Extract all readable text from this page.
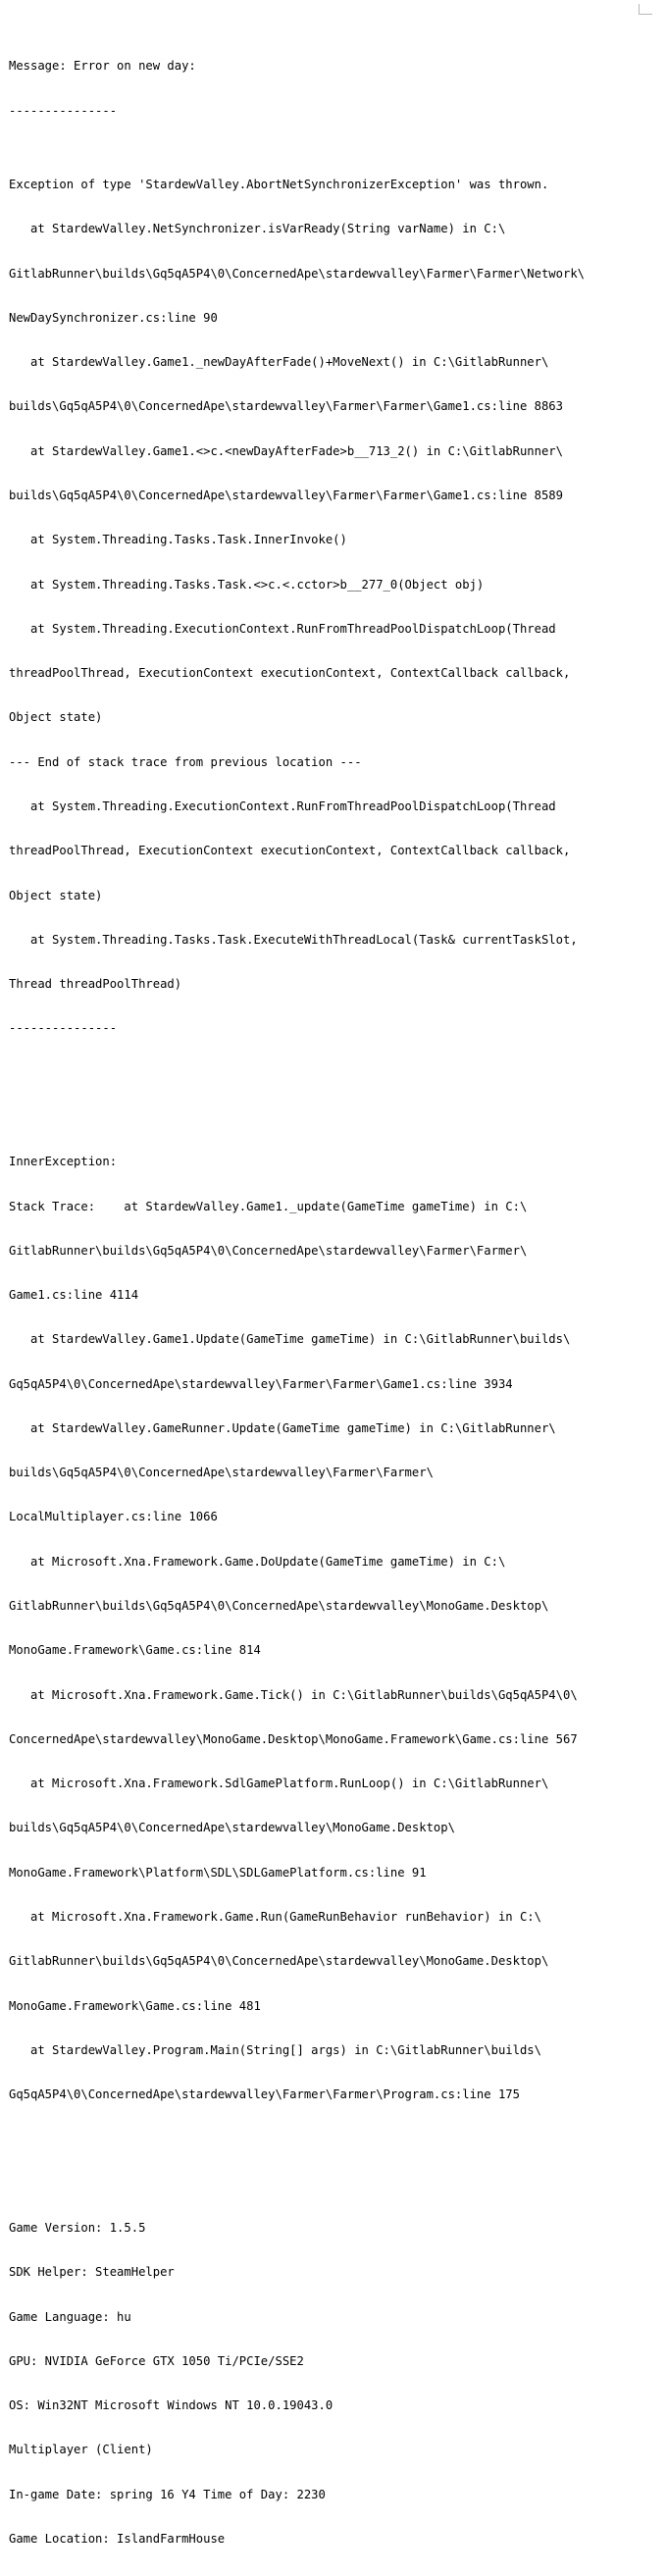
Message: Error on new day:

---------------

Exception of type 'StardewValley.AbortNetSynchronizerException' was thrown.

at StardewValley.NetSynchronizer.isVarReady(String varName) in C:\

GitlabRunner\builds\Gq5qA5P4\0\ConcernedApe\stardewvalley\Farmer\Farmer\Network\

NewDaySynchronizer.cs:line 90

at StardewValley.Game1._newDayAfterFade()+MoveNext() in C:\GitlabRunner\

builds\Gq5qA5P4\0\ConcernedApe\stardewvalley\Farmer\Farmer\Game1.cs:line 8863

at StardewValley.Game1.<>c.<newDayAfterFade>b__713_2() in C:\GitlabRunner\

builds\Gq5qA5P4\0\ConcernedApe\stardewvalley\Farmer\Farmer\Game1.cs:line 8589

at System.Threading.Tasks.Task.InnerInvoke()

at System.Threading.Tasks.Task.<>c.<.cctor>b__277_0(Object obj)

at System.Threading.ExecutionContext.RunFromThreadPoolDispatchLoop(Thread

threadPoolThread, ExecutionContext executionContext, ContextCallback callback,

Object state)

--- End of stack trace from previous location ---

at System.Threading.ExecutionContext.RunFromThreadPoolDispatchLoop(Thread

threadPoolThread, ExecutionContext executionContext, ContextCallback callback,

Object state)

at System.Threading.Tasks.Task.ExecuteWithThreadLocal(Task& currentTaskSlot,

Thread threadPoolThread)

---------------

InnerException:

Stack Trace:    at StardewValley.Game1._update(GameTime gameTime) in C:\

GitlabRunner\builds\Gq5qA5P4\0\ConcernedApe\stardewvalley\Farmer\Farmer\

Game1.cs:line 4114

at StardewValley.Game1.Update(GameTime gameTime) in C:\GitlabRunner\builds\

Gq5qA5P4\0\ConcernedApe\stardewvalley\Farmer\Farmer\Game1.cs:line 3934

at StardewValley.GameRunner.Update(GameTime gameTime) in C:\GitlabRunner\

builds\Gq5qA5P4\0\ConcernedApe\stardewvalley\Farmer\Farmer\

LocalMultiplayer.cs:line 1066

at Microsoft.Xna.Framework.Game.DoUpdate(GameTime gameTime) in C:\

GitlabRunner\builds\Gq5qA5P4\0\ConcernedApe\stardewvalley\MonoGame.Desktop\

MonoGame.Framework\Game.cs:line 814

at Microsoft.Xna.Framework.Game.Tick() in C:\GitlabRunner\builds\Gq5qA5P4\0\

ConcernedApe\stardewvalley\MonoGame.Desktop\MonoGame.Framework\Game.cs:line 567

at Microsoft.Xna.Framework.SdlGamePlatform.RunLoop() in C:\GitlabRunner\

builds\Gq5qA5P4\0\ConcernedApe\stardewvalley\MonoGame.Desktop\

MonoGame.Framework\Platform\SDL\SDLGamePlatform.cs:line 91

at Microsoft.Xna.Framework.Game.Run(GameRunBehavior runBehavior) in C:\

GitlabRunner\builds\Gq5qA5P4\0\ConcernedApe\stardewvalley\MonoGame.Desktop\

MonoGame.Framework\Game.cs:line 481

at StardewValley.Program.Main(String[] args) in C:\GitlabRunner\builds\

Gq5qA5P4\0\ConcernedApe\stardewvalley\Farmer\Farmer\Program.cs:line 175

Game Version: 1.5.5

SDK Helper: SteamHelper

Game Language: hu

GPU: NVIDIA GeForce GTX 1050 Ti/PCIe/SSE2

OS: Win32NT Microsoft Windows NT 10.0.19043.0

Multiplayer (Client)

In-game Date: spring 16 Y4 Time of Day: 2230

Game Location: IslandFarmHouse
